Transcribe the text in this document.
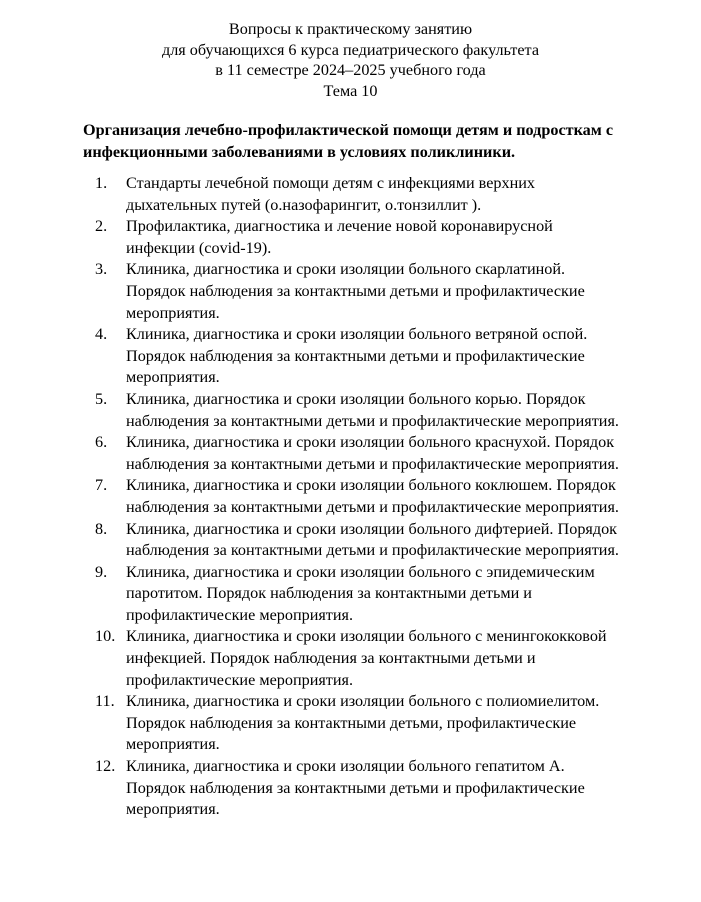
Вопросы к практическому занятию
для обучающихся 6 курса педиатрического факультета
в 11 семестре 2024–2025 учебного года
Тема 10
Организация лечебно-профилактической помощи детям и подросткам с инфекционными заболеваниями в условиях поликлиники.
1. Стандарты лечебной помощи детям с инфекциями верхних
дыхательных путей (о.назофарингит, о.тонзиллит ).
2. Профилактика, диагностика и лечение новой коронавирусной
инфекции (covid-19).
3. Клиника, диагностика и сроки изоляции больного скарлатиной.
Порядок наблюдения за контактными детьми и профилактические
мероприятия.
4. Клиника, диагностика и сроки изоляции больного ветряной оспой.
Порядок наблюдения за контактными детьми и профилактические
мероприятия.
5. Клиника, диагностика и сроки изоляции больного корью. Порядок
наблюдения за контактными детьми и профилактические мероприятия.
6. Клиника, диагностика и сроки изоляции больного краснухой. Порядок
наблюдения за контактными детьми и профилактические мероприятия.
7. Клиника, диагностика и сроки изоляции больного коклюшем. Порядок
наблюдения за контактными детьми и профилактические мероприятия.
8. Клиника, диагностика и сроки изоляции больного дифтерией. Порядок
наблюдения за контактными детьми и профилактические мероприятия.
9. Клиника, диагностика и сроки изоляции больного с эпидемическим
паротитом. Порядок наблюдения за контактными детьми и
профилактические мероприятия.
10. Клиника, диагностика и сроки изоляции больного с менингококковой
инфекцией. Порядок наблюдения за контактными детьми и
профилактические мероприятия.
11. Клиника, диагностика и сроки изоляции больного с полиомиелитом.
Порядок наблюдения за контактными детьми, профилактические
мероприятия.
12. Клиника, диагностика и сроки изоляции больного гепатитом А.
Порядок наблюдения за контактными детьми и профилактические
мероприятия.
